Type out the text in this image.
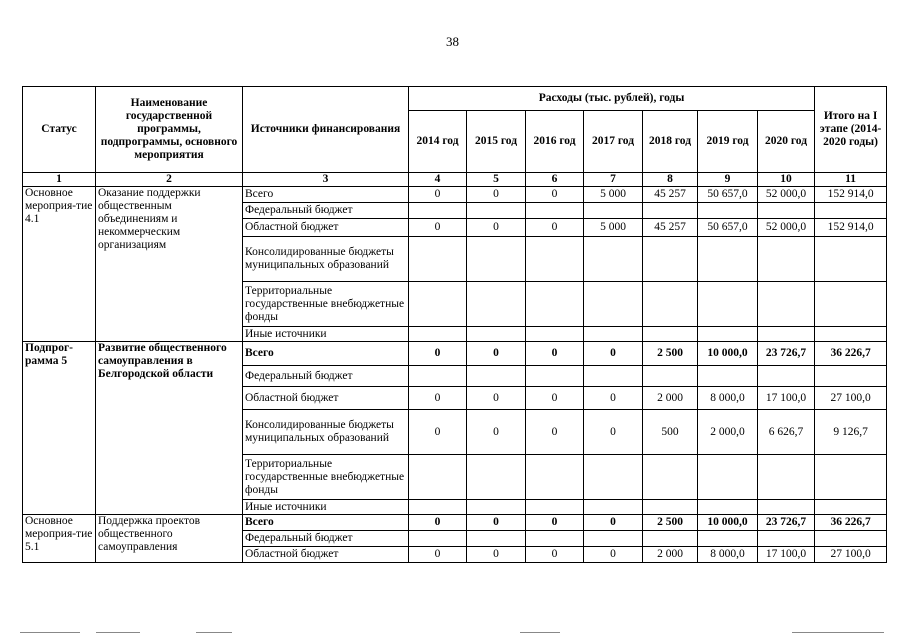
38
Статус	Наименование государственной программы, подпрограммы, основного мероприятия	Источники финансирования	Расходы (тыс. рублей), годы							Итого на I этапе (2014-2020 годы)
			2014 год	2015 год	2016 год	2017 год	2018 год	2019 год	2020 год	
1	2	3	4	5	6	7	8	9	10	11
Основное мероприя-тие 4.1	Оказание поддержки общественным объединениям и некоммерческим организациям	Всего	0	0	0	5 000	45 257	50 657,0	52 000,0	152 914,0
		Федеральный бюджет								
		Областной бюджет	0	0	0	5 000	45 257	50 657,0	52 000,0	152 914,0
		Консолидированные бюджеты муниципальных образований								
		Территориальные государственные внебюджетные фонды								
		Иные источники								
Подпрог-рамма 5	Развитие общественного самоуправления в Белгородской области	Всего	0	0	0	0	2 500	10 000,0	23 726,7	36 226,7
		Федеральный бюджет								
		Областной бюджет	0	0	0	0	2 000	8 000,0	17 100,0	27 100,0
		Консолидированные бюджеты муниципальных образований	0	0	0	0	500	2 000,0	6 626,7	9 126,7
		Территориальные государственные внебюджетные фонды								
		Иные источники								
Основное мероприя-тие 5.1	Поддержка проектов общественного самоуправления	Всего	0	0	0	0	2 500	10 000,0	23 726,7	36 226,7
		Федеральный бюджет								
		Областной бюджет	0	0	0	0	2 000	8 000,0	17 100,0	27 100,0
